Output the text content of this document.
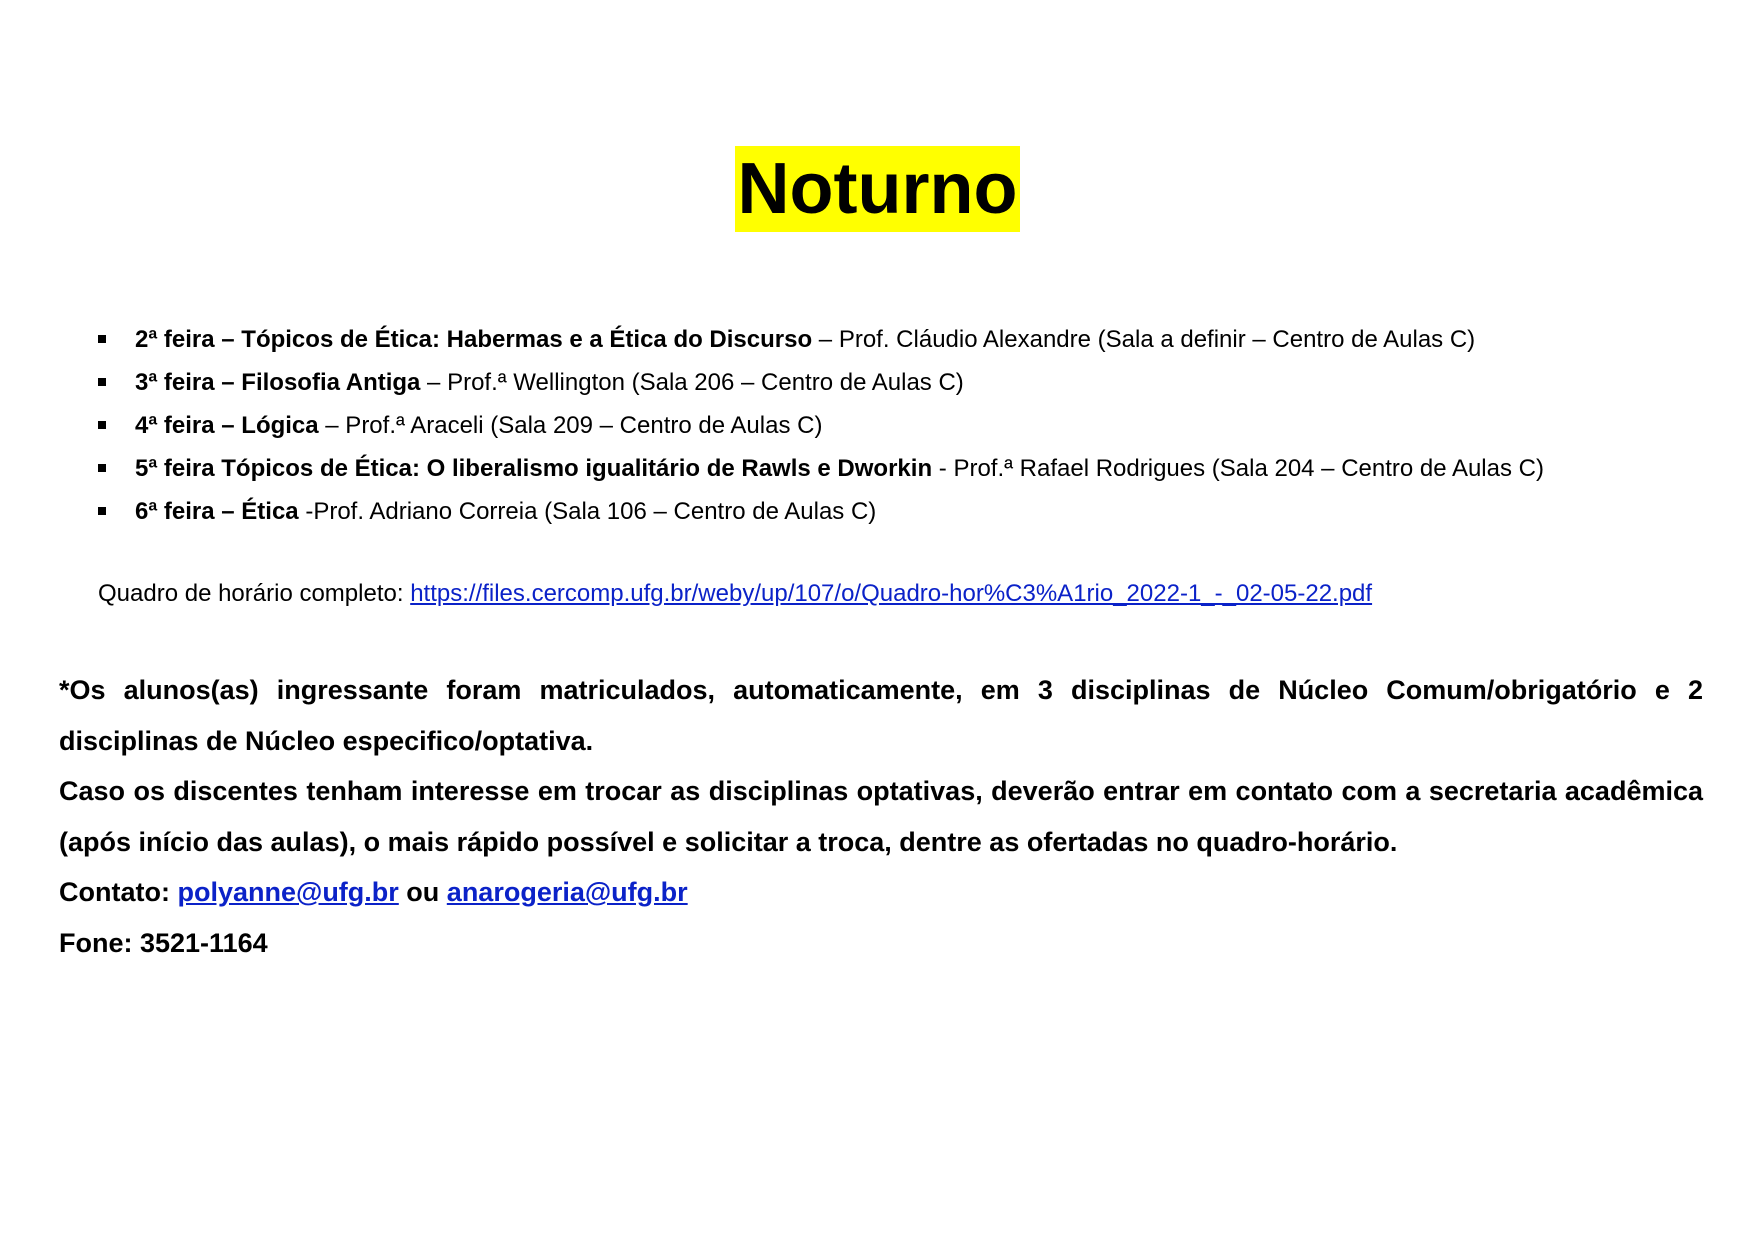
Noturno
2ª feira – Tópicos de Ética: Habermas e a Ética do Discurso – Prof. Cláudio Alexandre (Sala a definir – Centro de Aulas C)
3ª feira – Filosofia Antiga – Prof.ª Wellington (Sala 206 – Centro de Aulas C)
4ª feira – Lógica – Prof.ª Araceli (Sala 209 – Centro de Aulas C)
5ª feira Tópicos de Ética: O liberalismo igualitário de Rawls e Dworkin - Prof.ª Rafael Rodrigues (Sala 204 – Centro de Aulas C)
6ª feira – Ética -Prof. Adriano Correia (Sala 106 – Centro de Aulas C)
Quadro de horário completo: https://files.cercomp.ufg.br/weby/up/107/o/Quadro-hor%C3%A1rio_2022-1_-_02-05-22.pdf

*Os alunos(as) ingressante foram matriculados, automaticamente, em 3 disciplinas de Núcleo Comum/obrigatório e 2 disciplinas de Núcleo especifico/optativa.

Caso os discentes tenham interesse em trocar as disciplinas optativas, deverão entrar em contato com a secretaria acadêmica (após início das aulas), o mais rápido possível e solicitar a troca, dentre as ofertadas no quadro-horário.

Contato: polyanne@ufg.br ou anarogeria@ufg.br

Fone: 3521-1164
